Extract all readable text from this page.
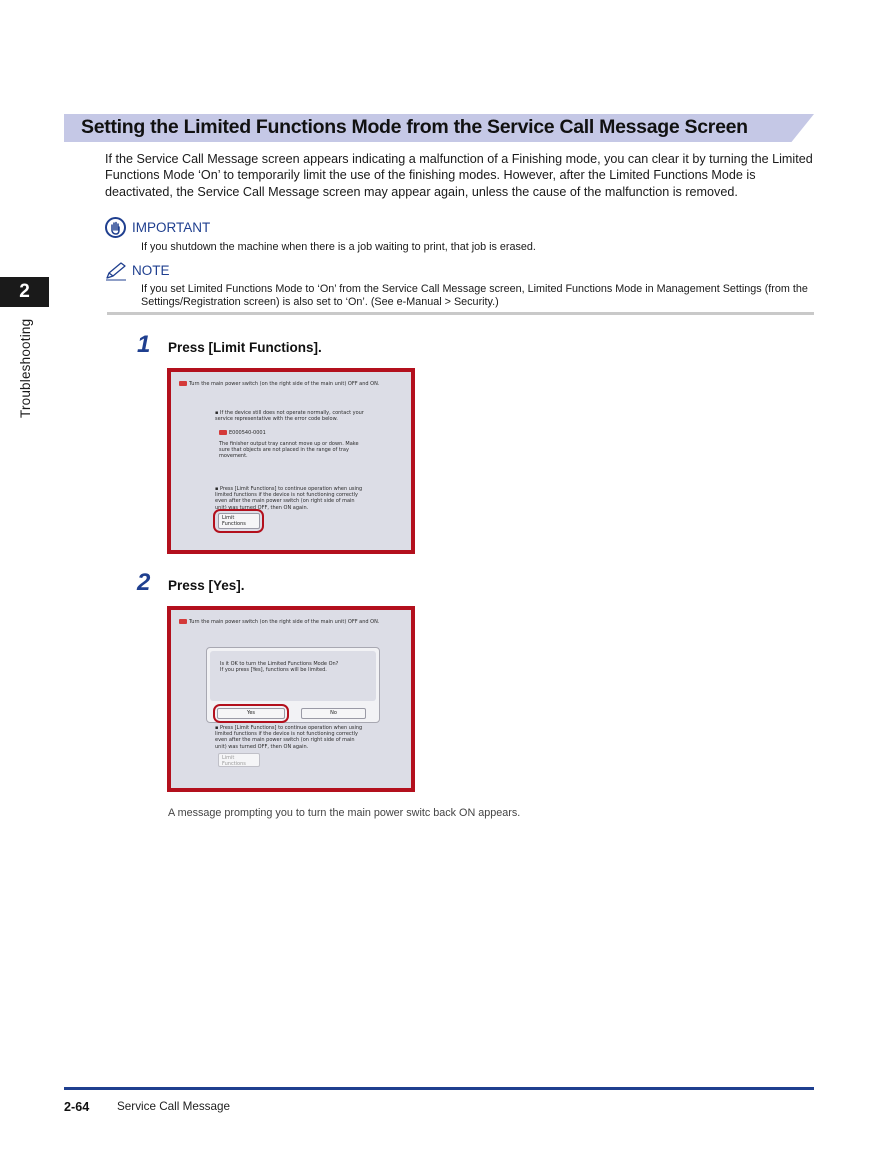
2
Troubleshooting
Setting the Limited Functions Mode from the Service Call Message Screen
If the Service Call Message screen appears indicating a malfunction of a Finishing mode, you can clear it by turning the Limited Functions Mode ‘On’ to temporarily limit the use of the finishing modes. However, after the Limited Functions Mode is deactivated, the Service Call Message screen may appear again, unless the cause of the malfunction is removed.
IMPORTANT
If you shutdown the machine when there is a job waiting to print, that job is erased.
NOTE
If you set Limited Functions Mode to ‘On’ from the Service Call Message screen, Limited Functions Mode in Management Settings (from the Settings/Registration screen) is also set to ‘On’. (See e-Manual > Security.)
1 Press [Limit Functions].
Turn the main power switch (on the right side of the main unit) OFF and ON.
▪ If the device still does not operate normally, contact your service representative with the error code below.
E000540-0001
The finisher output tray cannot move up or down. Make sure that objects are not placed in the range of tray movement.
▪ Press [Limit Functions] to continue operation when using limited functions if the device is not functioning correctly even after the main power switch (on right side of main unit) was turned OFF, then ON again.
Limit
Functions
2 Press [Yes].
Turn the main power switch (on the right side of the main unit) OFF and ON.
Is it OK to turn the Limited Functions Mode On?
If you press [Yes], functions will be limited.
Yes	No
▪ Press [Limit Functions] to continue operation when using limited functions if the device is not functioning correctly even after the main power switch (on right side of main unit) was turned OFF, then ON again.
Limit
Functions
A message prompting you to turn the main power switc back ON appears.
2-64 Service Call Message
